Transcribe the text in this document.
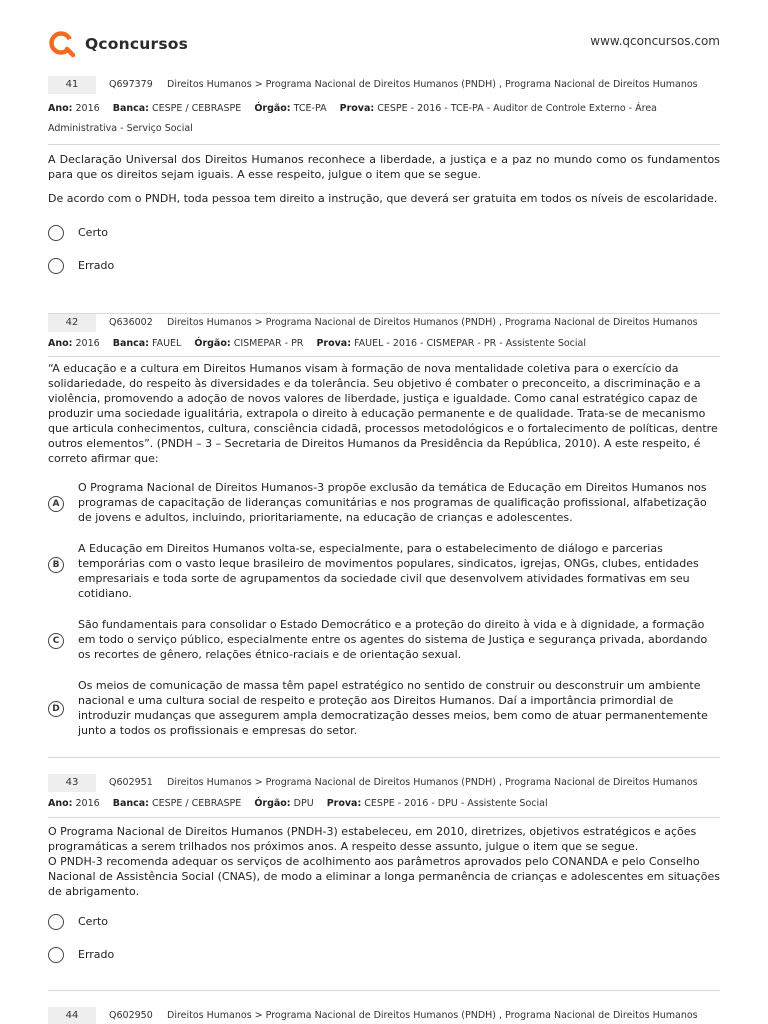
Qconcursos	www.qconcursos.com
41	Q697379 Direitos Humanos > Programa Nacional de Direitos Humanos (PNDH) , Programa Nacional de Direitos Humanos
Ano: 2016 Banca: CESPE / CEBRASPE Órgão: TCE-PA Prova: CESPE - 2016 - TCE-PA - Auditor de Controle Externo - Área Administrativa - Serviço Social
A Declaração Universal dos Direitos Humanos reconhece a liberdade, a justiça e a paz no mundo como os fundamentos para que os direitos sejam iguais. A esse respeito, julgue o item que se segue.
De acordo com o PNDH, toda pessoa tem direito a instrução, que deverá ser gratuita em todos os níveis de escolaridade.
Certo
Errado
42	Q636002 Direitos Humanos > Programa Nacional de Direitos Humanos (PNDH) , Programa Nacional de Direitos Humanos
Ano: 2016 Banca: FAUEL Órgão: CISMEPAR - PR Prova: FAUEL - 2016 - CISMEPAR - PR - Assistente Social
“A educação e a cultura em Direitos Humanos visam à formação de nova mentalidade coletiva para o exercício da solidariedade, do respeito às diversidades e da tolerância. Seu objetivo é combater o preconceito, a discriminação e a violência, promovendo a adoção de novos valores de liberdade, justiça e igualdade. Como canal estratégico capaz de produzir uma sociedade igualitária, extrapola o direito à educação permanente e de qualidade. Trata-se de mecanismo que articula conhecimentos, cultura, consciência cidadã, processos metodológicos e o fortalecimento de políticas, dentre outros elementos”. (PNDH – 3 – Secretaria de Direitos Humanos da Presidência da República, 2010). A este respeito, é correto afirmar que:
A
O Programa Nacional de Direitos Humanos-3 propõe exclusão da temática de Educação em Direitos Humanos nos programas de capacitação de lideranças comunitárias e nos programas de qualificação profissional, alfabetização de jovens e adultos, incluindo, prioritariamente, na educação de crianças e adolescentes.
B
A Educação em Direitos Humanos volta-se, especialmente, para o estabelecimento de diálogo e parcerias temporárias com o vasto leque brasileiro de movimentos populares, sindicatos, igrejas, ONGs, clubes, entidades empresariais e toda sorte de agrupamentos da sociedade civil que desenvolvem atividades formativas em seu cotidiano.
C
São fundamentais para consolidar o Estado Democrático e a proteção do direito à vida e à dignidade, a formação em todo o serviço público, especialmente entre os agentes do sistema de Justiça e segurança privada, abordando os recortes de gênero, relações étnico-raciais e de orientação sexual.
D
Os meios de comunicação de massa têm papel estratégico no sentido de construir ou desconstruir um ambiente nacional e uma cultura social de respeito e proteção aos Direitos Humanos. Daí a importância primordial de introduzir mudanças que assegurem ampla democratização desses meios, bem como de atuar permanentemente junto a todos os profissionais e empresas do setor.
43	Q602951 Direitos Humanos > Programa Nacional de Direitos Humanos (PNDH) , Programa Nacional de Direitos Humanos
Ano: 2016 Banca: CESPE / CEBRASPE Órgão: DPU Prova: CESPE - 2016 - DPU - Assistente Social
O Programa Nacional de Direitos Humanos (PNDH-3) estabeleceu, em 2010, diretrizes, objetivos estratégicos e ações programáticas a serem trilhados nos próximos anos. A respeito desse assunto, julgue o item que se segue.
O PNDH-3 recomenda adequar os serviços de acolhimento aos parâmetros aprovados pelo CONANDA e pelo Conselho Nacional de Assistência Social (CNAS), de modo a eliminar a longa permanência de crianças e adolescentes em situações de abrigamento.
Certo
Errado
44	Q602950 Direitos Humanos > Programa Nacional de Direitos Humanos (PNDH) , Programa Nacional de Direitos Humanos
